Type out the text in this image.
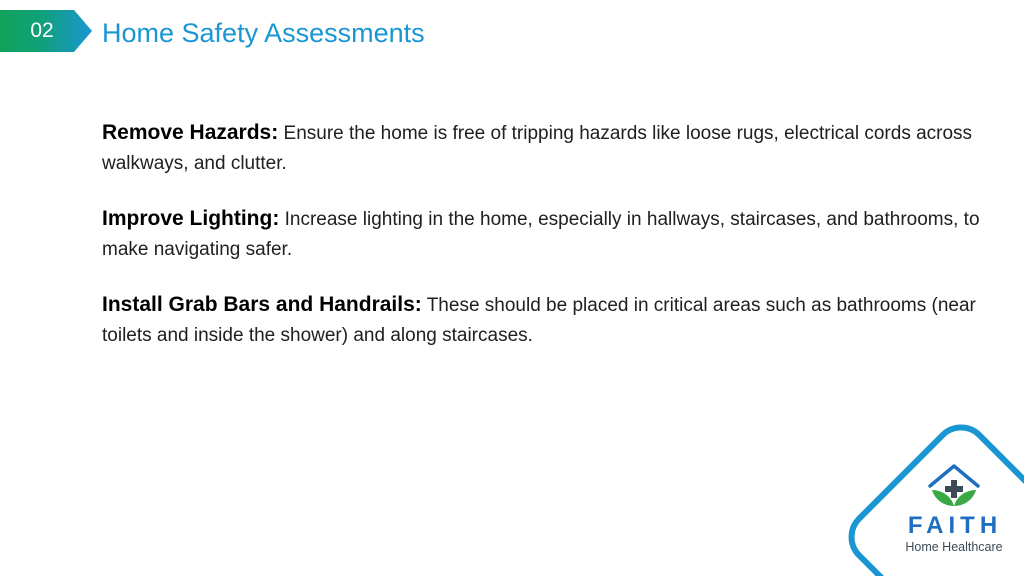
02	Home Safety Assessments

Remove Hazards: Ensure the home is free of tripping hazards like loose rugs, electrical cords across walkways, and clutter.

Improve Lighting: Increase lighting in the home, especially in hallways, staircases, and bathrooms, to make navigating safer.

Install Grab Bars and Handrails: These should be placed in critical areas such as bathrooms (near toilets and inside the shower) and along staircases.

FAITH
Home Healthcare
